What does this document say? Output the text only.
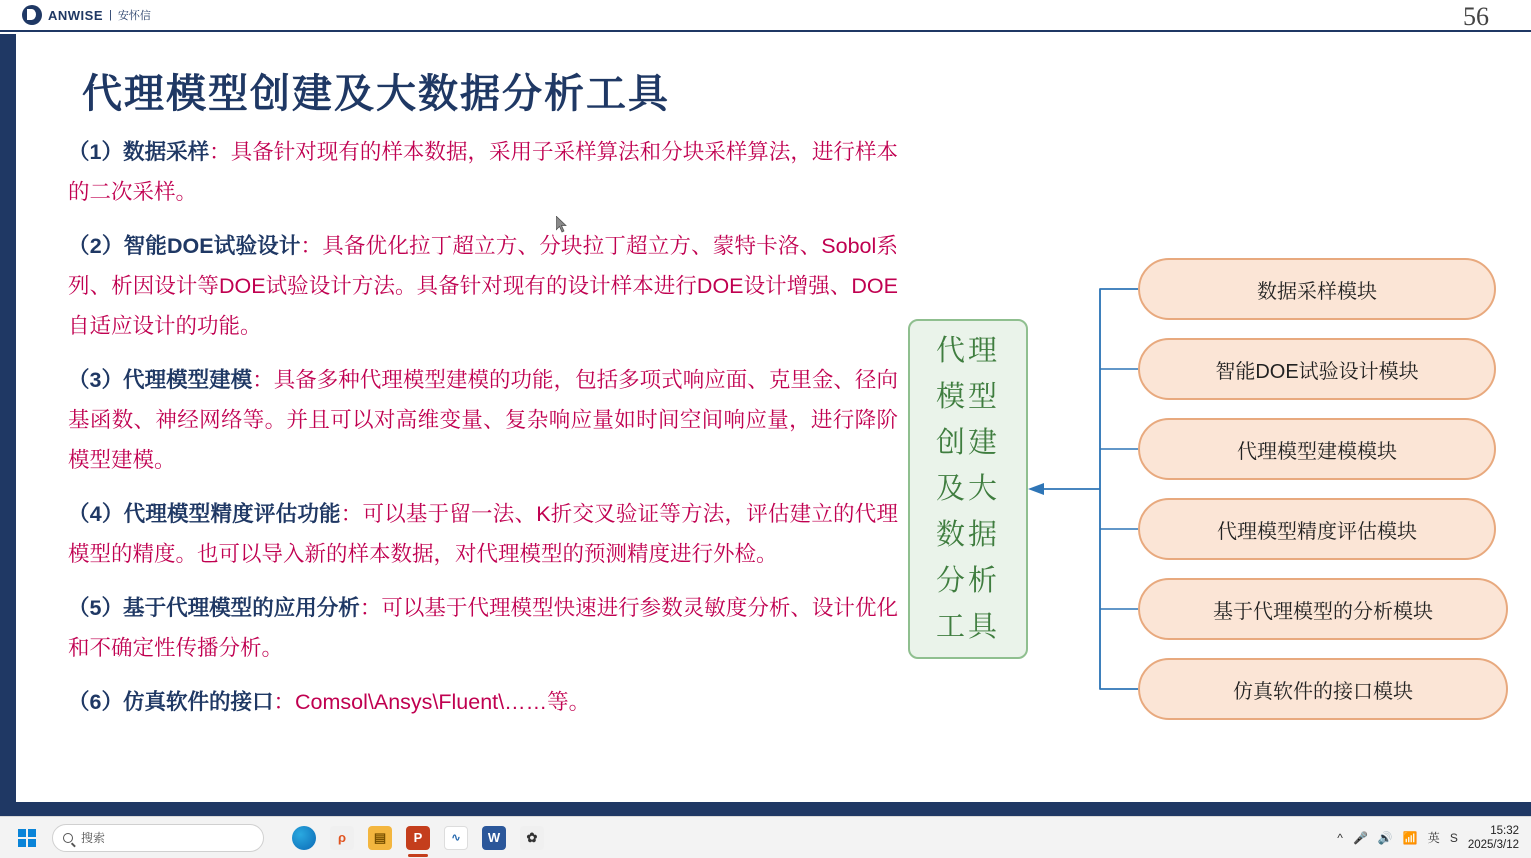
ANWISE | 安怀信	56
代理模型创建及大数据分析工具

（1）数据采样：具备针对现有的样本数据，采用子采样算法和分块采样算法，进行样本的二次采样。

（2）智能DOE试验设计：具备优化拉丁超立方、分块拉丁超立方、蒙特卡洛、Sobol系列、析因设计等DOE试验设计方法。具备针对现有的设计样本进行DOE设计增强、DOE自适应设计的功能。

（3）代理模型建模：具备多种代理模型建模的功能，包括多项式响应面、克里金、径向基函数、神经网络等。并且可以对高维变量、复杂响应量如时间空间响应量，进行降阶模型建模。

（4）代理模型精度评估功能：可以基于留一法、K折交叉验证等方法，评估建立的代理模型的精度。也可以导入新的样本数据，对代理模型的预测精度进行外检。

（5）基于代理模型的应用分析：可以基于代理模型快速进行参数灵敏度分析、设计优化和不确定性传播分析。

（6）仿真软件的接口：Comsol\Ansys\Fluent\……等。

代理模型创建及大数据分析工具
数据采样模块
智能DOE试验设计模块
代理模型建模模块
代理模型精度评估模块
基于代理模型的分析模块
仿真软件的接口模块
搜索	ρ	▤	P	∿	W	✿	^ 🎤 🔊 📶 英 S	15:32
2025/3/12
